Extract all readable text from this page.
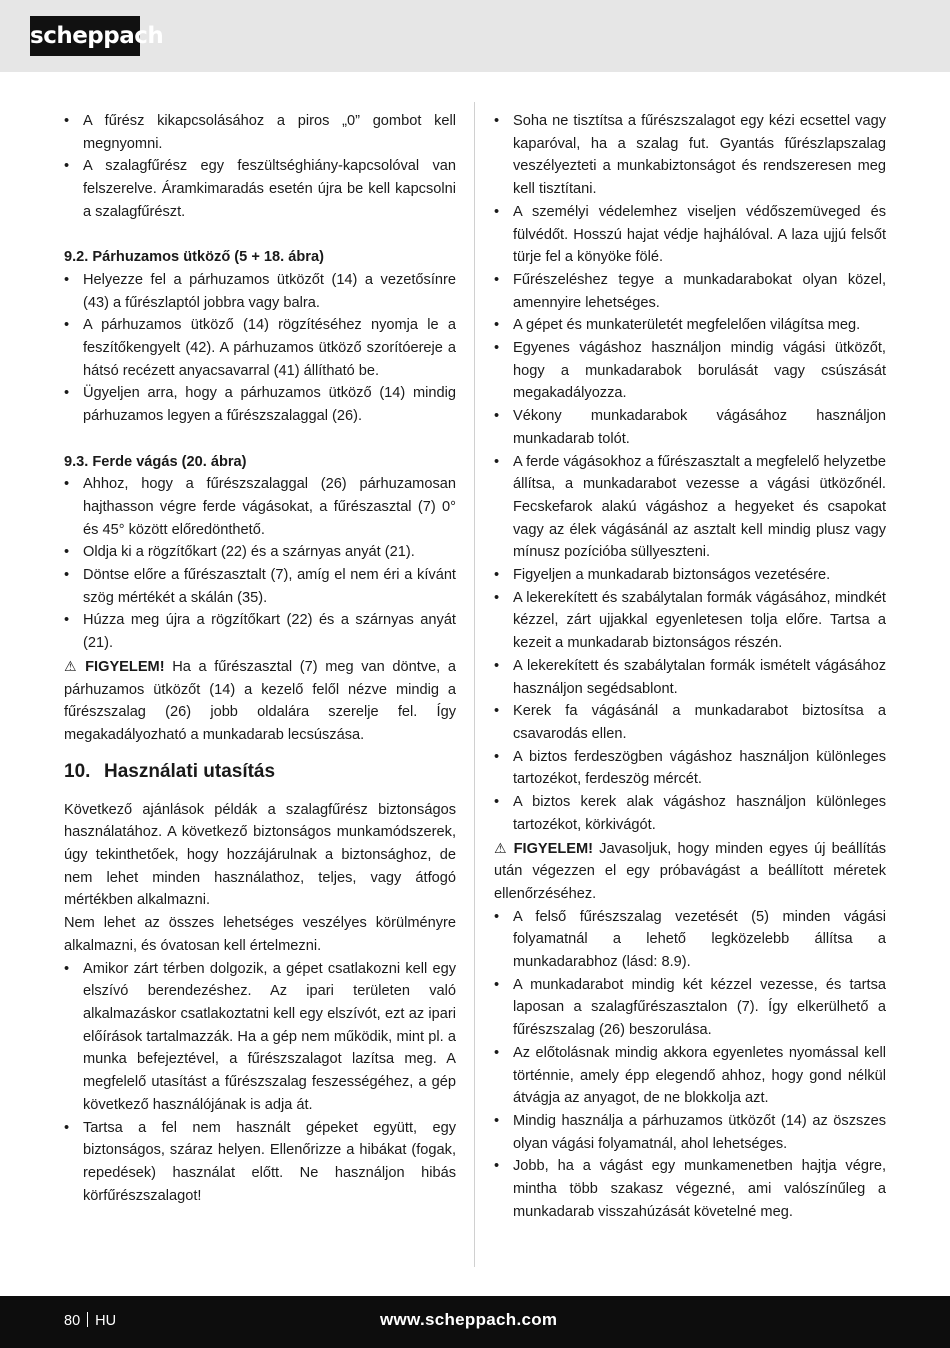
scheppach
• A fűrész kikapcsolásához a piros „0” gombot kell megnyomni.
• A szalagfűrész egy feszültséghiány-kapcsolóval van felszerelve. Áramkimaradás esetén újra be kell kapcsolni a szalagfűrészt.
9.2. Párhuzamos ütköző (5 + 18. ábra)
• Helyezze fel a párhuzamos ütközőt (14) a vezetősínre (43) a fűrészlaptól jobbra vagy balra.
• A párhuzamos ütköző (14) rögzítéséhez nyomja le a feszítőkengyelt (42). A párhuzamos ütköző szorítóereje a hátsó recézett anyacsavarral (41) állítható be.
• Ügyeljen arra, hogy a párhuzamos ütköző (14) mindig párhuzamos legyen a fűrészszalaggal (26).
9.3. Ferde vágás (20. ábra)
• Ahhoz, hogy a fűrészszalaggal (26) párhuzamosan hajthasson végre ferde vágásokat, a fűrészasztal (7) 0° és 45° között előredönthető.
• Oldja ki a rögzítőkart (22) és a szárnyas anyát (21).
• Döntse előre a fűrészasztalt (7), amíg el nem éri a kívánt szög mértékét a skálán (35).
• Húzza meg újra a rögzítőkart (22) és a szárnyas anyát (21).
⚠ FIGYELEM! Ha a fűrészasztal (7) meg van döntve, a párhuzamos ütközőt (14) a kezelő felől nézve mindig a fűrészszalag (26) jobb oldalára szerelje fel. Így megakadályozható a munkadarab lecsúszása.
10. Használati utasítás
Következő ajánlások példák a szalagfűrész biztonságos használatához. A következő biztonságos munkamódszerek, úgy tekinthetőek, hogy hozzájárulnak a biztonsághoz, de nem lehet minden használathoz, teljes, vagy átfogó mértékben alkalmazni.
Nem lehet az összes lehetséges veszélyes körülményre alkalmazni, és óvatosan kell értelmezni.
• Amikor zárt térben dolgozik, a gépet csatlakozni kell egy elszívó berendezéshez. Az ipari területen való alkalmazáskor csatlakoztatni kell egy elszívót, ezt az ipari előírások tartalmazzák. Ha a gép nem működik, mint pl. a munka befejeztével, a fűrészszalagot lazítsa meg. A megfelelő utasítást a fűrészszalag feszességéhez, a gép következő használójának is adja át.
• Tartsa a fel nem használt gépeket együtt, egy biztonságos, száraz helyen. Ellenőrizze a hibákat (fogak, repedések) használat előtt. Ne használjon hibás körfűrészszalagot!
• Soha ne tisztítsa a fűrészszalagot egy kézi ecsettel vagy kaparóval, ha a szalag fut. Gyantás fűrészlapszalag veszélyezteti a munkabiztonságot és rendszeresen meg kell tisztítani.
• A személyi védelemhez viseljen védőszemüveged és fülvédőt. Hosszú hajat védje hajhálóval. A laza ujjú felsőt türje fel a könyöke fölé.
• Fűrészeléshez tegye a munkadarabokat olyan közel, amennyire lehetséges.
• A gépet és munkaterületét megfelelően világítsa meg.
• Egyenes vágáshoz használjon mindig vágási ütközőt, hogy a munkadarabok borulását vagy csúszását megakadályozza.
• Vékony munkadarabok vágásához használjon munkadarab tolót.
• A ferde vágásokhoz a fűrészasztalt a megfelelő helyzetbe állítsa, a munkadarabot vezesse a vágási ütközőnél. Fecskefarok alakú vágáshoz a hegyeket és csapokat vagy az élek vágásánál az asztalt kell mindig plusz vagy mínusz pozícióba süllyeszteni.
• Figyeljen a munkadarab biztonságos vezetésére.
• A lekerekített és szabálytalan formák vágásához, mindkét kézzel, zárt ujjakkal egyenletesen tolja előre. Tartsa a kezeit a munkadarab biztonságos részén.
• A lekerekített és szabálytalan formák ismételt vágásához használjon segédsablont.
• Kerek fa vágásánál a munkadarabot biztosítsa a csavarodás ellen.
• A biztos ferdeszögben vágáshoz használjon különleges tartozékot, ferdeszög mércét.
• A biztos kerek alak vágáshoz használjon különleges tartozékot, körkivágót.
⚠ FIGYELEM! Javasoljuk, hogy minden egyes új beállítás után végezzen el egy próbavágást a beállított méretek ellenőrzéséhez.
• A felső fűrészszalag vezetését (5) minden vágási folyamatnál a lehető legközelebb állítsa a munkadarabhoz (lásd: 8.9).
• A munkadarabot mindig két kézzel vezesse, és tartsa laposan a szalagfűrészasztalon (7). Így elkerülhető a fűrészszalag (26) beszorulása.
• Az előtolásnak mindig akkora egyenletes nyomással kell történnie, amely épp elegendő ahhoz, hogy gond nélkül átvágja az anyagot, de ne blokkolja azt.
• Mindig használja a párhuzamos ütközőt (14) az öszszes olyan vágási folyamatnál, ahol lehetséges.
• Jobb, ha a vágást egy munkamenetben hajtja végre, mintha több szakasz végezné, ami valószínűleg a munkadarab visszahúzását követelné meg.
80 HU	www.scheppach.com
